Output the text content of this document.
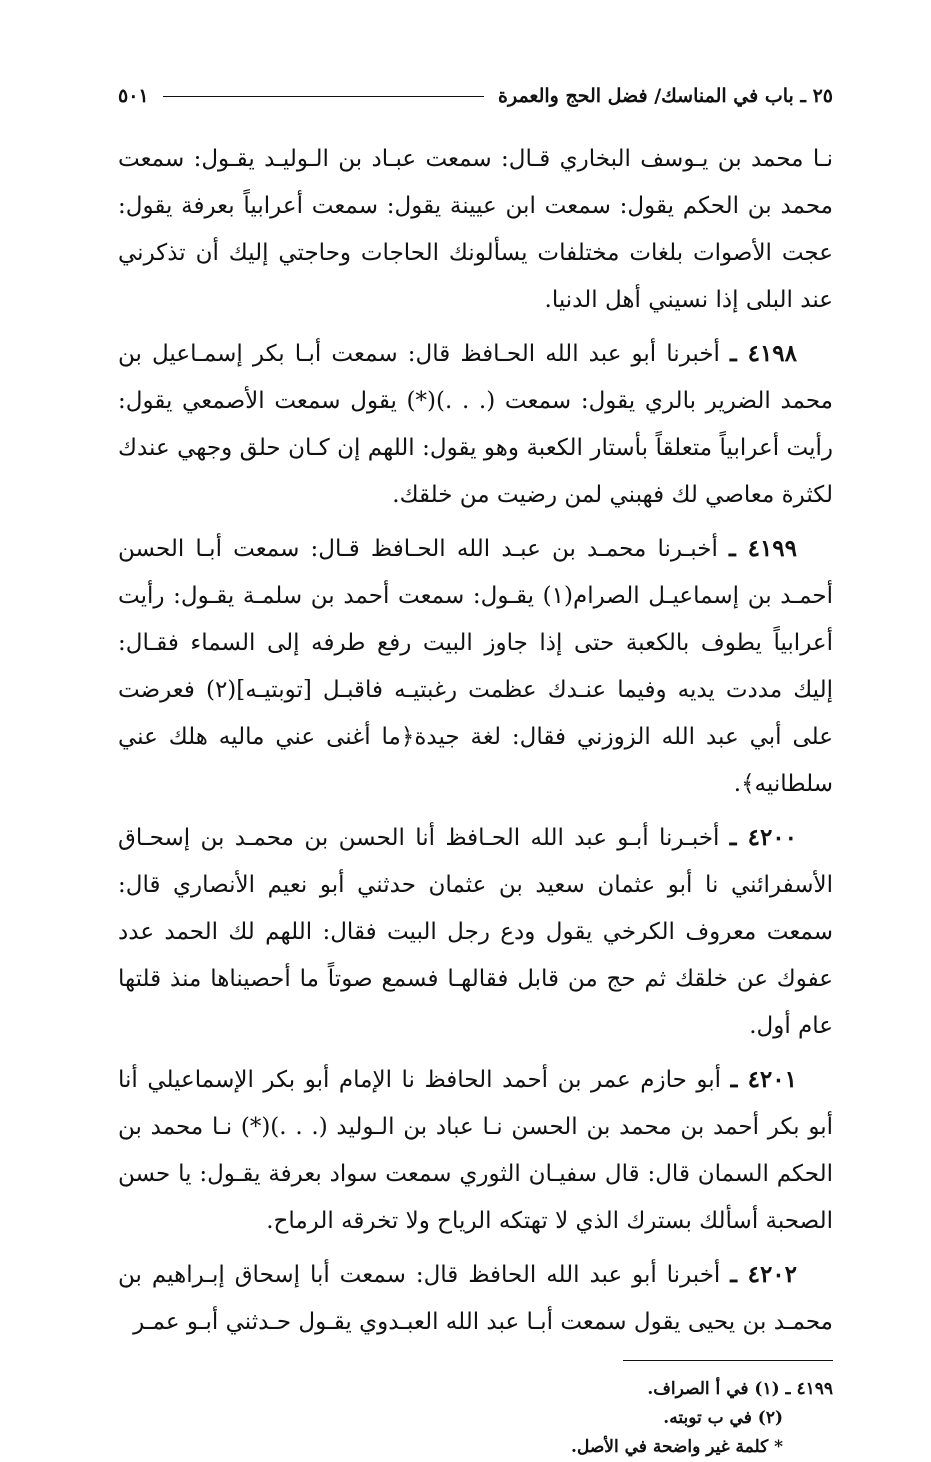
٢٥ ـ باب في المناسك/ فضل الحج والعمرة
٥٠١

نـا محمد بن يـوسف البخاري قـال: سمعت عبـاد بن الـوليـد يقـول: سمعت محمد بن الحكم يقول: سمعت ابن عيينة يقول: سمعت أعرابياً بعرفة يقول: عجت الأصوات بلغات مختلفات يسألونك الحاجات وحاجتي إليك أن تذكرني عند البلى إذا نسيني أهل الدنيا.

٤١٩٨ ـ أخبرنا أبو عبد الله الحـافظ قال: سمعت أبـا بكر إسمـاعيل بن محمد الضرير بالري يقول: سمعت (. . .)(*) يقول سمعت الأصمعي يقول: رأيت أعرابياً متعلقاً بأستار الكعبة وهو يقول: اللهم إن كـان حلق وجهي عندك لكثرة معاصي لك فهبني لمن رضيت من خلقك.

٤١٩٩ ـ أخبـرنا محمـد بن عبـد الله الحـافظ قـال: سمعت أبـا الحسن أحمـد بن إسماعيـل الصرام(١) يقـول: سمعت أحمد بن سلمـة يقـول: رأيت أعرابياً يطوف بالكعبة حتى إذا جاوز البيت رفع طرفه إلى السماء فقـال: إليك مددت يديه وفيما عنـدك عظمت رغبتيـه فاقبـل [توبتيـه](٢) فعرضت على أبي عبد الله الزوزني فقال: لغة جيدة﴿ما أغنى عني ماليه هلك عني سلطانيه﴾.

٤٢٠٠ ـ أخبـرنا أبـو عبد الله الحـافظ أنا الحسن بن محمـد بن إسحـاق الأسفرائني نا أبو عثمان سعيد بن عثمان حدثني أبو نعيم الأنصاري قال: سمعت معروف الكرخي يقول ودع رجل البيت فقال: اللهم لك الحمد عدد عفوك عن خلقك ثم حج من قابل فقالهـا فسمع صوتاً ما أحصيناها منذ قلتها عام أول.

٤٢٠١ ـ أبو حازم عمر بن أحمد الحافظ نا الإمام أبو بكر الإسماعيلي أنا أبو بكر أحمد بن محمد بن الحسن نـا عباد بن الـوليد (. . .)(*) نـا محمد بن الحكم السمان قال: قال سفيـان الثوري سمعت سواد بعرفة يقـول: يا حسن الصحبة أسألك بسترك الذي لا تهتكه الرياح ولا تخرقه الرماح.

٤٢٠٢ ـ أخبرنا أبو عبد الله الحافظ قال: سمعت أبا إسحاق إبـراهيم بن محمـد بن يحيى يقول سمعت أبـا عبد الله العبـدوي يقـول حـدثني أبـو عمـر

٤١٩٩ ـ (١) في أ الصراف.
(٢) في ب توبته.
* كلمة غير واضحة في الأصل.
